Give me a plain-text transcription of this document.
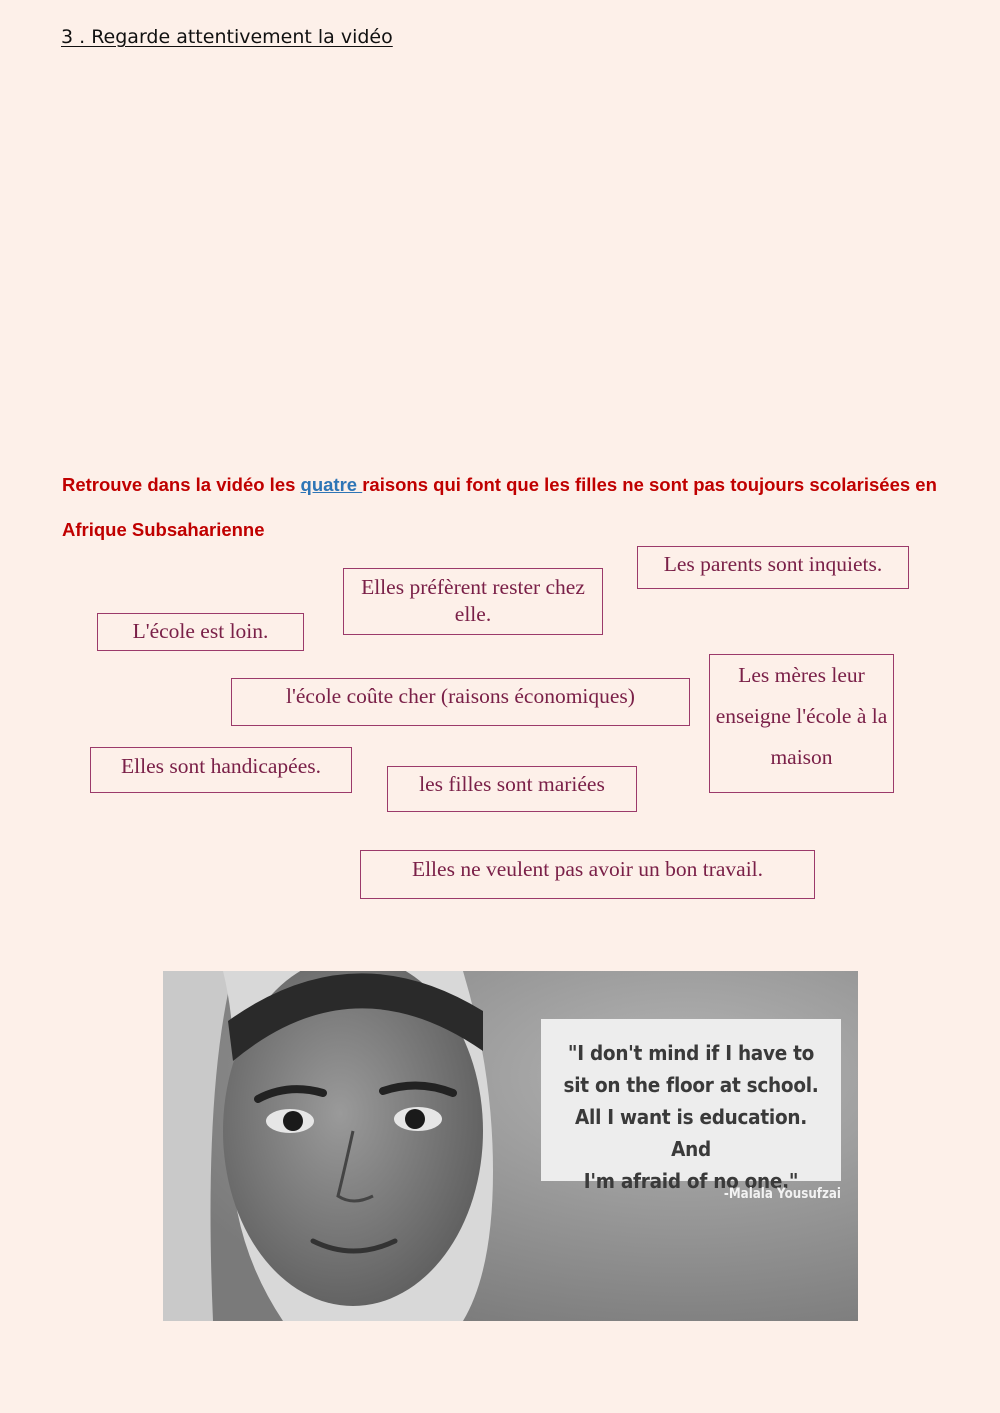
3 . Regarde attentivement la vidéo
Retrouve dans la vidéo les quatre raisons qui font que les filles ne sont pas toujours scolarisées en Afrique Subsaharienne
Les parents sont inquiets.
Elles préfèrent rester chez elle.
L'école est loin.
l'école coûte cher (raisons économiques)
Les mères leur enseigne l'école à la maison
Elles sont handicapées.
les filles sont mariées
Elles ne veulent pas avoir un bon travail.
"I don't mind if I have to
sit on the floor at school.
All I want is education. And
I'm afraid of no one."
-Malala Yousufzai
